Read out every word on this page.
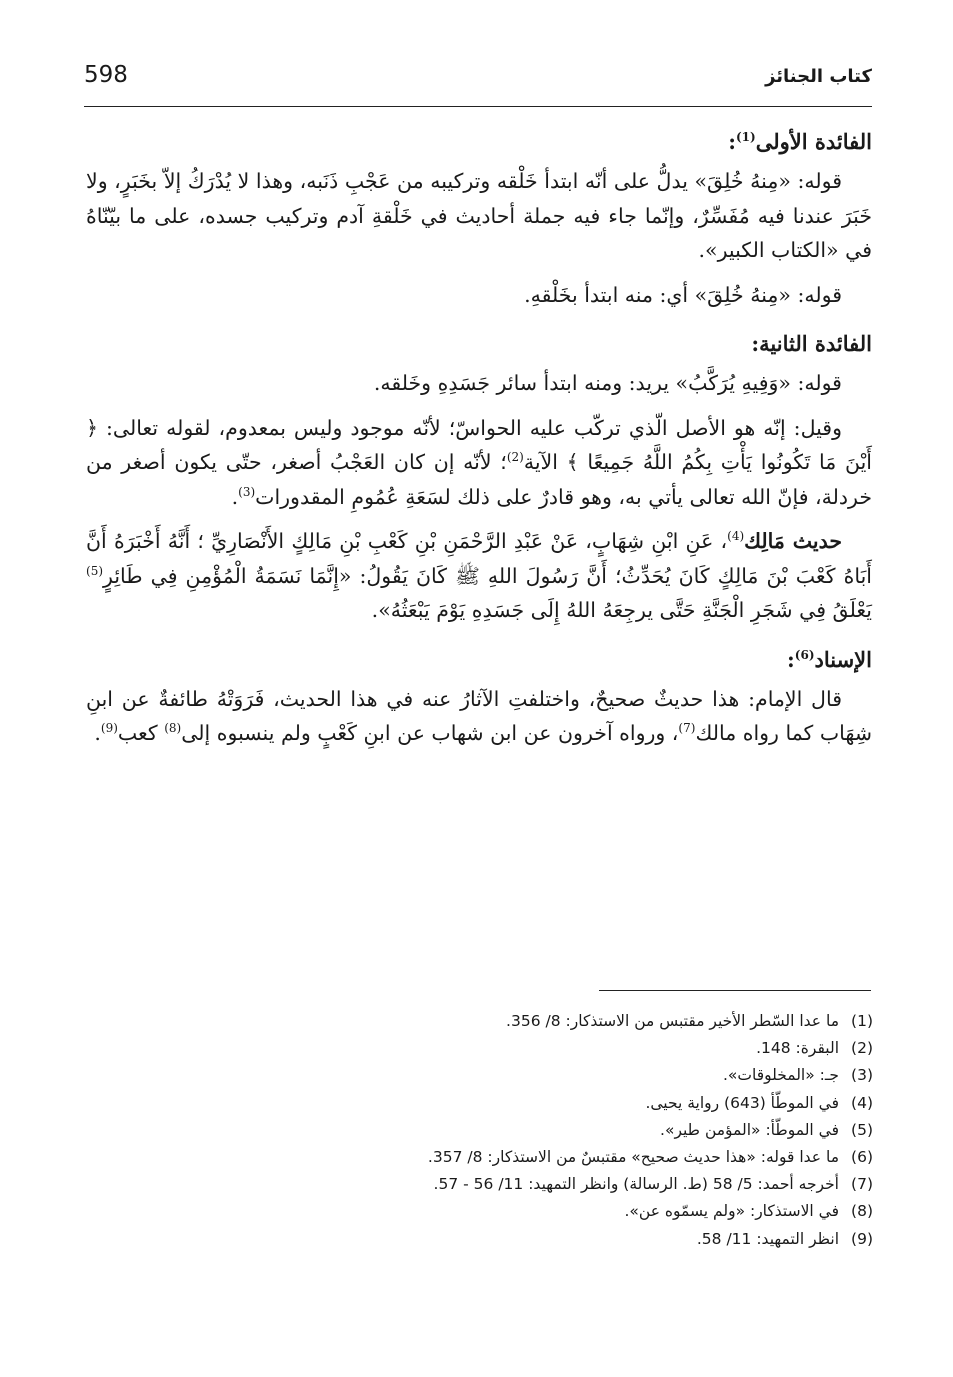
598	كتاب الجنائز

الفائدة الأولى$^{(1)}$:

قوله: «مِنهُ خُلِقَ» يدلُّ على أنّه ابتدأ خَلْقه وتركيبه من عَجْبِ ذَنَبه، وهذا لا يُدْرَكُ إلاّ بخَبَرٍ، ولا خَبَرَ عندنا فيه مُفَسِّرٌ، وإنّما جاء فيه جملة أحاديث في خَلْقةِ آدم وتركيب جسده، على ما بيّنّاهُ في «الكتاب الكبير».

قوله: «مِنهُ خُلِقَ» أي: منه ابتدأ بخَلْقهِ.

الفائدة الثانية:

قوله: «وَفِيهِ يُرَكَّبُ» يريد: ومنه ابتدأ سائر جَسَدِهِ وخَلقه.

وقيل: إنّه هو الأصل الّذي تركّب عليه الحواسّ؛ لأنّه موجود وليس بمعدوم، لقوله تعالى: ﴿ أَيْنَ مَا تَكُونُوا يَأْتِ بِكُمُ اللَّهُ جَمِيعًا ﴾ الآية$^{(2)}$؛ لأنّه إن كان العَجْبُ أصغر، حتّى يكون أصغر من خردلة، فإنّ الله تعالى يأتي به، وهو قادرٌ على ذلك لسَعَةِ عُمُومِ المقدورات$^{(3)}$.

حديث مَالِك$^{(4)}$، عَنِ ابْنِ شِهَابٍ، عَنْ عَبْدِ الرَّحْمَنِ بْنِ كَعْبِ بْنِ مَالِكٍ الأَنْصَارِيِّ ؛ أَنَّهُ أَخْبَرَهُ أَنَّ أَبَاهُ كَعْبَ بْنَ مَالِكٍ كَانَ يُحَدِّثُ؛ أَنَّ رَسُولَ اللهِ ﷺ كَانَ يَقُولُ: «إِنَّمَا نَسَمَةُ الْمُؤْمِنِ فِي طَائِرٍ$^{(5)}$ يَعْلَقُ فِي شَجَرِ الْجَنَّةِ حَتَّى يرجِعَهُ اللهُ إِلَى جَسَدِهِ يَوْمَ يَبْعَثُهُ».

الإسناد$^{(6)}$:

قال الإمام: هذا حديثٌ صحيحٌ، واختلفتِ الآثارُ عنه في هذا الحديث، فَرَوَتْهُ طائفةٌ عن ابنِ شِهَاب كما رواه مالك$^{(7)}$، ورواه آخرون عن ابن شهاب عن ابنِ كَعْبٍ ولم ينسبوه إلى$^{(8)}$ كعب$^{(9)}$.

(1)ما عدا السّطر الأخير مقتبس من الاستذكار: 8/ 356.
(2)البقرة: 148.
(3)جـ: «المخلوقات».
(4)في الموطّأ (643) رواية يحيى.
(5)في الموطّأ: «المؤمن طير».
(6)ما عدا قوله: «هذا حديث صحيح» مقتبسٌ من الاستذكار: 8/ 357.
(7)أخرجه أحمد: 5/ 58 (ط. الرسالة) وانظر التمهيد: 11/ 56 - 57.
(8)في الاستذكار: «ولم يسمّوه عن».
(9)انظر التمهيد: 11/ 58.
